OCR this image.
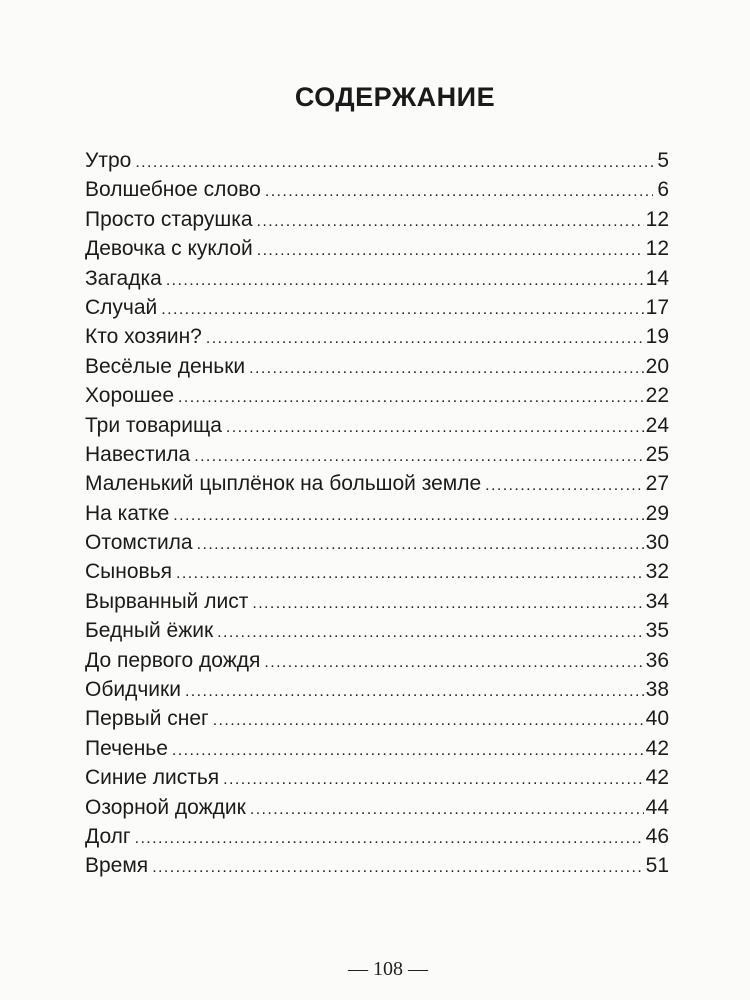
СОДЕРЖАНИЕ
Утро .....	5
Волшебное слово .....	6
Просто старушка .....	12
Девочка с куклой .....	12
Загадка .....	14
Случай .....	17
Кто хозяин? .....	19
Весёлые деньки .....	20
Хорошее .....	22
Три товарища .....	24
Навестила .....	25
Маленький цыплёнок на большой земле .....	27
На катке .....	29
Отомстила .....	30
Сыновья .....	32
Вырванный лист .....	34
Бедный ёжик .....	35
До первого дождя .....	36
Обидчики .....	38
Первый снег .....	40
Печенье .....	42
Синие листья .....	42
Озорной дождик .....	44
Долг .....	46
Время .....	51
— 108 —
